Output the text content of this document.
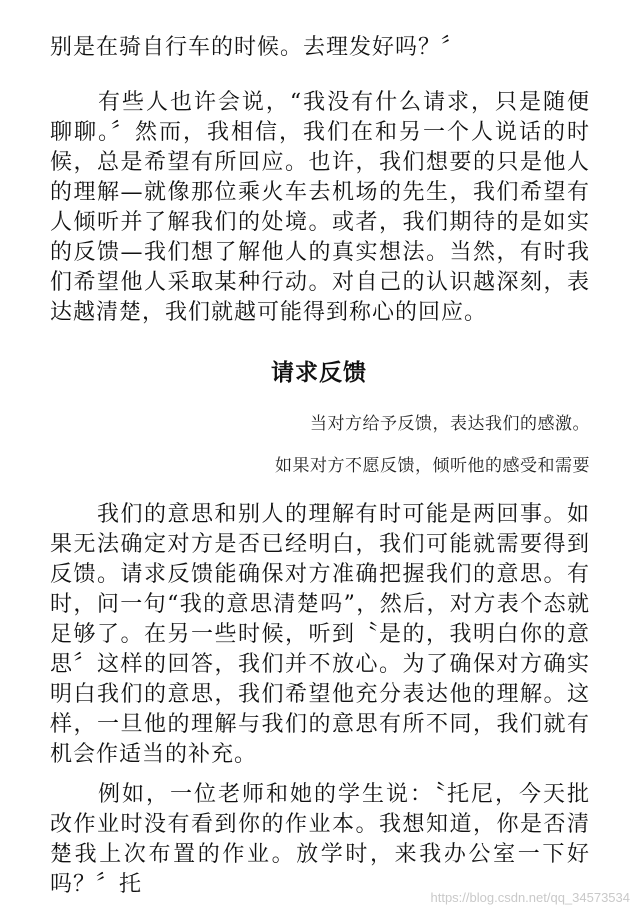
别是在骑自行车的时候。去理发好吗？〞

　　有些人也许会说，“我没有什么请求，只是随便聊聊。〞然而，我相信，我们在和另一个人说话的时候，总是希望有所回应。也许，我们想要的只是他人的理解—就像那位乘火车去机场的先生，我们希望有人倾听并了解我们的处境。或者，我们期待的是如实的反馈—我们想了解他人的真实想法。当然，有时我们希望他人采取某种行动。对自己的认识越深刻，表达越清楚，我们就越可能得到称心的回应。

请求反馈

当对方给予反馈，表达我们的感激。

如果对方不愿反馈，倾听他的感受和需要

　　我们的意思和别人的理解有时可能是两回事。如果无法确定对方是否已经明白，我们可能就需要得到反馈。请求反馈能确保对方准确把握我们的意思。有时，问一句“我的意思清楚吗”，然后，对方表个态就足够了。在另一些时候，听到〝是的，我明白你的意思〞这样的回答，我们并不放心。为了确保对方确实明白我们的意思，我们希望他充分表达他的理解。这样，一旦他的理解与我们的意思有所不同，我们就有机会作适当的补充。

　　例如，一位老师和她的学生说：〝托尼，今天批改作业时没有看到你的作业本。我想知道，你是否清楚我上次布置的作业。放学时，来我办公室一下好吗？〞托

https://blog.csdn.net/qq_34573534
